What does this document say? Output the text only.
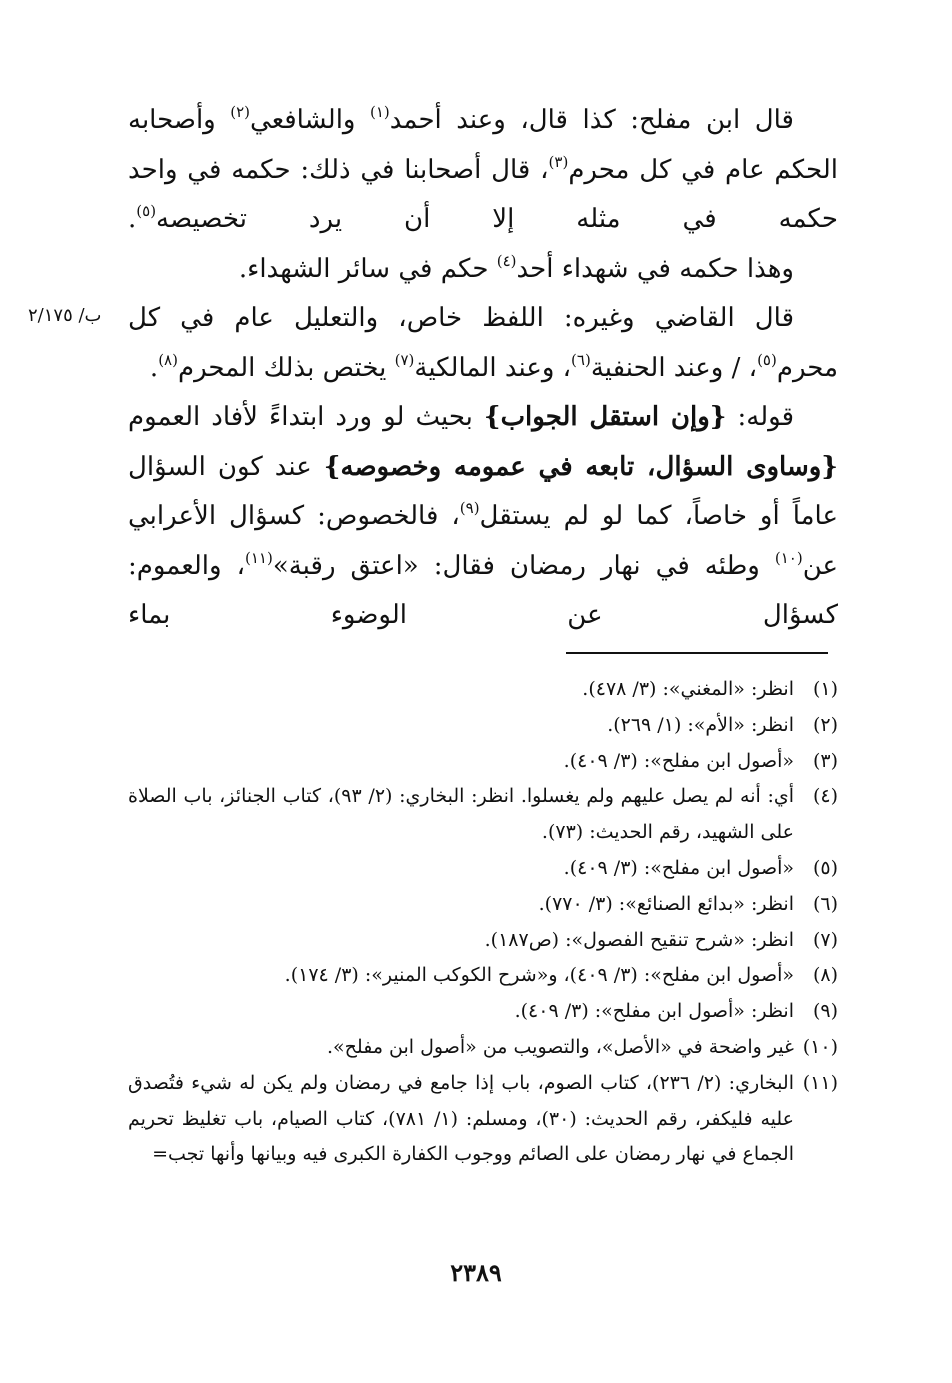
قال ابن مفلح: كذا قال، وعند أحمد$^{(١)}$ والشافعي$^{(٢)}$ وأصحابه الحكم عام في كل محرم$^{(٣)}$، قال أصحابنا في ذلك: حكمه في واحد حكمه في مثله إلا أن يرد تخصيصه$^{(٥)}$.

وهذا حكمه في شهداء أحد$^{(٤)}$ حكم في سائر الشهداء.

قال القاضي وغيره: اللفظ خاص، والتعليل عام في كل محرم$^{(٥)}$، / وعند الحنفية$^{(٦)}$، وعند المالكية$^{(٧)}$ يختص بذلك المحرم$^{(٨)}$.

قوله: {وإن استقل الجواب} بحيث لو ورد ابتداءً لأفاد العموم {وساوى السؤال، تابعه في عمومه وخصوصه} عند كون السؤال عاماً أو خاصاً، كما لو لم يستقل$^{(٩)}$، فالخصوص: كسؤال الأعرابي عن$^{(١٠)}$ وطئه في نهار رمضان فقال: «اعتق رقبة»$^{(١١)}$، والعموم: كسؤال عن الوضوء بماء

ب/ ٢/١٧٥
(١)
انظر: «المغني»: (٣/ ٤٧٨).
(٢)
انظر: «الأم»: (١/ ٢٦٩).
(٣)
«أصول ابن مفلح»: (٣/ ٤٠٩).
(٤)
أي: أنه لم يصل عليهم ولم يغسلوا. انظر: البخاري: (٢/ ٩٣)، كتاب الجنائز، باب الصلاة على الشهيد، رقم الحديث: (٧٣).
(٥)
«أصول ابن مفلح»: (٣/ ٤٠٩).
(٦)
انظر: «بدائع الصنائع»: (٣/ ٧٧٠).
(٧)
انظر: «شرح تنقيح الفصول»: (ص١٨٧).
(٨)
«أصول ابن مفلح»: (٣/ ٤٠٩)، و«شرح الكوكب المنير»: (٣/ ١٧٤).
(٩)
انظر: «أصول ابن مفلح»: (٣/ ٤٠٩).
(١٠)
غير واضحة في «الأصل»، والتصويب من «أصول ابن مفلح».
(١١)
البخاري: (٢/ ٢٣٦)، كتاب الصوم، باب إذا جامع في رمضان ولم يكن له شيء فتُصدق عليه فليكفر، رقم الحديث: (٣٠)، ومسلم: (١/ ٧٨١)، كتاب الصيام، باب تغليظ تحريم الجماع في نهار رمضان على الصائم ووجوب الكفارة الكبرى فيه وبيانها وأنها تجب=
٢٣٨٩
